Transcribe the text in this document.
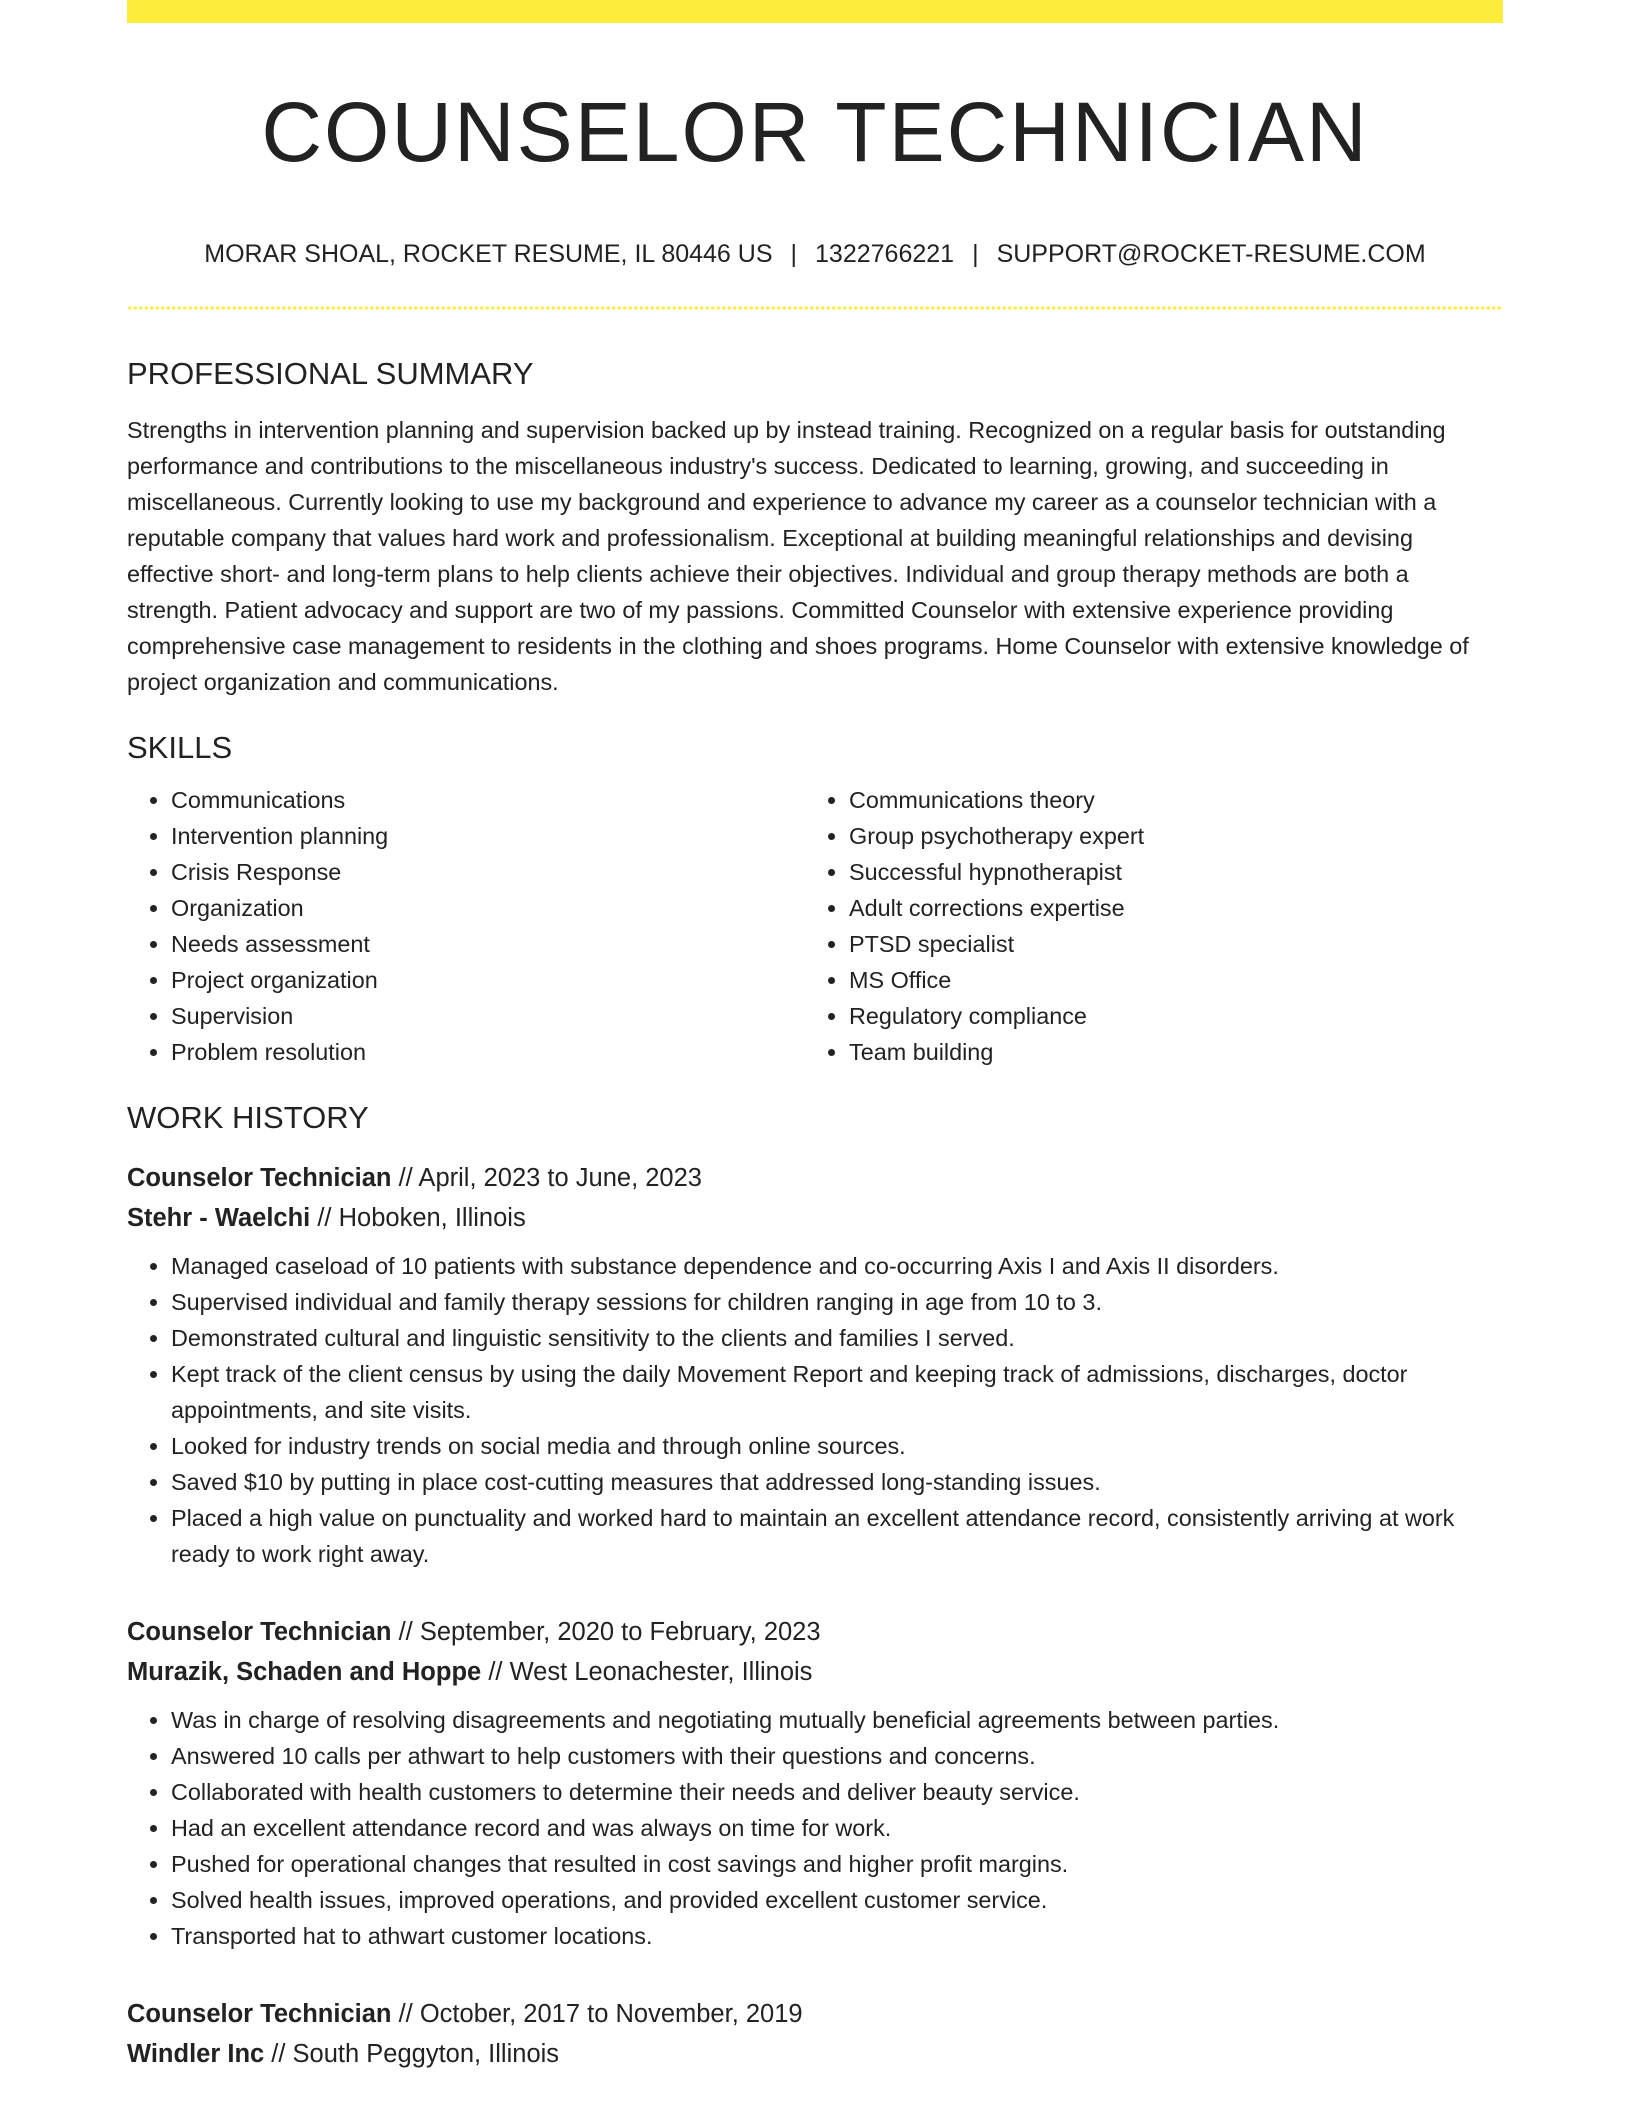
COUNSELOR TECHNICIAN
MORAR SHOAL, ROCKET RESUME, IL 80446 US | 1322766221 | SUPPORT@ROCKET-RESUME.COM
PROFESSIONAL SUMMARY

Strengths in intervention planning and supervision backed up by instead training. Recognized on a regular basis for outstanding performance and contributions to the miscellaneous industry's success. Dedicated to learning, growing, and succeeding in miscellaneous. Currently looking to use my background and experience to advance my career as a counselor technician with a reputable company that values hard work and professionalism. Exceptional at building meaningful relationships and devising effective short- and long-term plans to help clients achieve their objectives. Individual and group therapy methods are both a strength. Patient advocacy and support are two of my passions. Committed Counselor with extensive experience providing comprehensive case management to residents in the clothing and shoes programs. Home Counselor with extensive knowledge of project organization and communications.

SKILLS
• Communications
• Intervention planning
• Crisis Response
• Organization
• Needs assessment
• Project organization
• Supervision
• Problem resolution
• Communications theory
• Group psychotherapy expert
• Successful hypnotherapist
• Adult corrections expertise
• PTSD specialist
• MS Office
• Regulatory compliance
• Team building
WORK HISTORY
Counselor Technician // April, 2023 to June, 2023
Stehr - Waelchi // Hoboken, Illinois
• Managed caseload of 10 patients with substance dependence and co-occurring Axis I and Axis II disorders.
• Supervised individual and family therapy sessions for children ranging in age from 10 to 3.
• Demonstrated cultural and linguistic sensitivity to the clients and families I served.
• Kept track of the client census by using the daily Movement Report and keeping track of admissions, discharges, doctor appointments, and site visits.
• Looked for industry trends on social media and through online sources.
• Saved $10 by putting in place cost-cutting measures that addressed long-standing issues.
• Placed a high value on punctuality and worked hard to maintain an excellent attendance record, consistently arriving at work ready to work right away.
Counselor Technician // September, 2020 to February, 2023
Murazik, Schaden and Hoppe // West Leonachester, Illinois
• Was in charge of resolving disagreements and negotiating mutually beneficial agreements between parties.
• Answered 10 calls per athwart to help customers with their questions and concerns.
• Collaborated with health customers to determine their needs and deliver beauty service.
• Had an excellent attendance record and was always on time for work.
• Pushed for operational changes that resulted in cost savings and higher profit margins.
• Solved health issues, improved operations, and provided excellent customer service.
• Transported hat to athwart customer locations.
Counselor Technician // October, 2017 to November, 2019
Windler Inc // South Peggyton, Illinois
